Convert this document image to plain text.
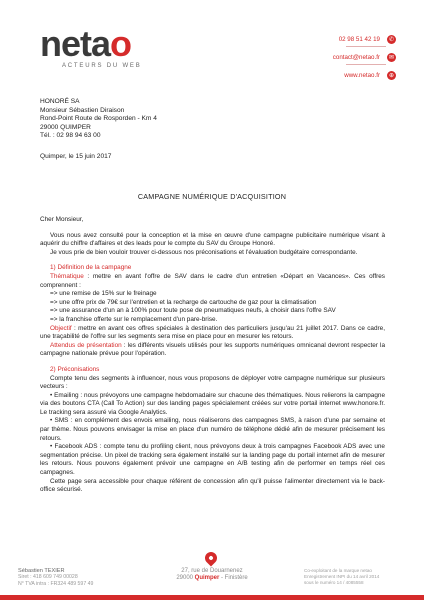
netao
ACTEURS DU WEB
02 98 51 42 19	✆
contact@netao.fr	✉
www.netao.fr	⊕
HONORÉ SA
Monsieur Sébastien Diraison
Rond-Point Route de Rosporden - Km 4
29000 QUIMPER
Tél. : 02 98 94 63 00
Quimper, le 15 juin 2017
CAMPAGNE NUMÉRIQUE D'ACQUISITION

Cher Monsieur,

Vous nous avez consulté pour la conception et la mise en œuvre d'une campagne publicitaire numérique visant à aquérir du chiffre d'affaires et des leads pour le compte du SAV du Groupe Honoré.

Je vous prie de bien vouloir trouver ci-dessous nos préconisations et l'évaluation budgétaire correspondante.

1) Définition de la campagne

Thématique : mettre en avant l'offre de SAV dans le cadre d'un entretien «Départ en Vacances». Ces offres comprennent :

=> une remise de 15% sur le freinage

=> une offre prix de 79€ sur l'entretien et la recharge de cartouche de gaz pour la climatisation

=> une assurance d'un an à 100% pour toute pose de pneumatiques neufs, à choisir dans l'offre SAV

=> la franchise offerte sur le remplacement d'un pare-brise.

Objectif : mettre en avant ces offres spéciales à destination des particuliers jusqu'au 21 juillet 2017. Dans ce cadre, une traçabilité de l'offre sur les segments sera mise en place pour en mesurer les retours.

Attendus de présentation : les différents visuels utilisés pour les supports numériques omnicanal devront respecter la campagne nationale prévue pour l'opération.

2) Préconisations

Compte tenu des segments à influencer, nous vous proposons de déployer votre campagne numérique sur plusieurs vecteurs :

• Emailing : nous prévoyons une campagne hebdomadaire sur chacune des thématiques. Nous relierons la campagne via des boutons CTA (Call To Action) sur des landing pages spécialement créées sur votre portail internet www.honore.fr. Le tracking sera assuré via Google Analytics.

• SMS : en complément des envois emailing, nous réaliserons des campagnes SMS, à raison d'une par semaine et par thème. Nous pouvons envisager la mise en place d'un numéro de téléphone dédié afin de mesurer précisement les retours.

• Facebook ADS : compte tenu du profiling client, nous prévoyons deux à trois campagnes Facebook ADS avec une segmentation précise. Un pixel de tracking sera également installé sur la landing page du portail internet afin de mesurer les retours. Nous pouvons également prévoir une campagne en A/B testing afin de performer en temps réel ces campagnes.

Cette page sera accessible pour chaque référent de concession afin qu'il puisse l'alimenter directement via le back-office sécurisé.

Sébastien TEXIER
Siret : 418 609 749 00028
N° TVA intra : FR324 489 597 49
27, rue de Douarnenez
29000 Quimper - Finistère
Co-exploitant de la marque netao
Enregistrement INPI du 14 avril 2014
sous le numéro 14 / 4085558
